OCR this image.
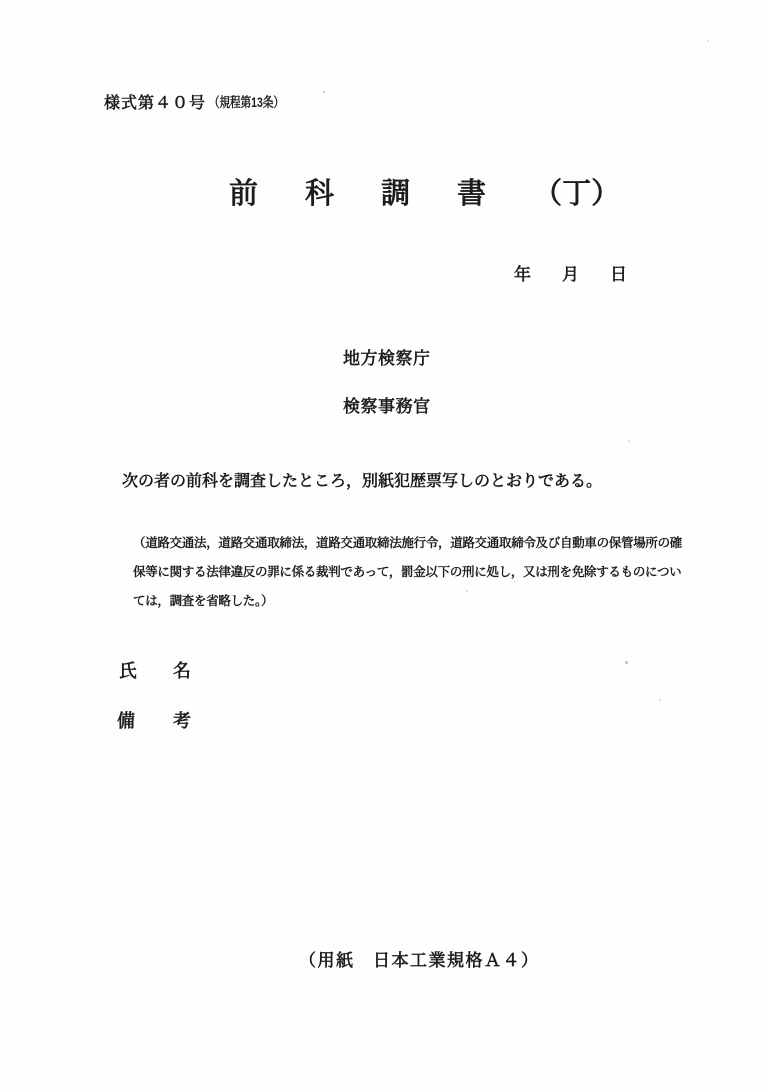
様式第４０号 （規程第13条）
前 科 調 書 （丁）
年 月 日
地方検察庁
検察事務官
次の者の前科を調査したところ，別紙犯歴票写しのとおりである。
（道路交通法，道路交通取締法，道路交通取締法施行令，道路交通取締令及び自動車の保管場所の確
保等に関する法律違反の罪に係る裁判であって，罰金以下の刑に処し，又は刑を免除するものについ
ては，調査を省略した。）
氏 名
備 考
（用紙　日本工業規格Ａ４）
